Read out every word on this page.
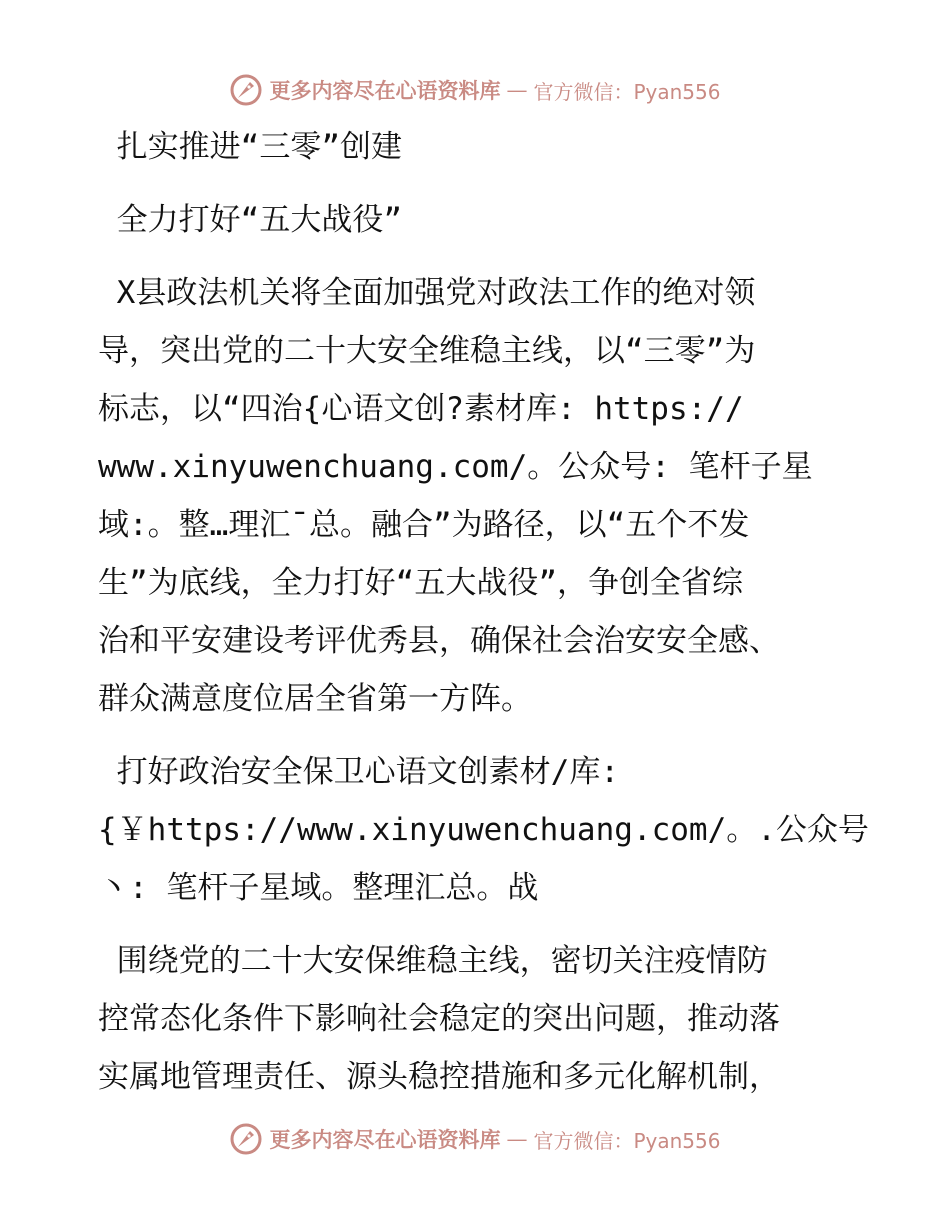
更多内容尽在心语资料库 — 官方微信：Pyan556
扎实推进“三零”创建
全力打好“五大战役”
X县政法机关将全面加强党对政法工作的绝对领
导，突出党的二十大安全维稳主线，以“三零”为
标志，以“四治{心语文创?素材库: https://
www.xinyuwenchuang.com/。公众号: 笔杆子星
域:。整…理汇¯总。融合”为路径，以“五个不发
生”为底线，全力打好“五大战役”，争创全省综
治和平安建设考评优秀县，确保社会治安安全感、
群众满意度位居全省第一方阵。
打好政治安全保卫心语文创素材/库:
{￥https://www.xinyuwenchuang.com/。.公众号
丶: 笔杆子星域。整理汇总。战
围绕党的二十大安保维稳主线，密切关注疫情防
控常态化条件下影响社会稳定的突出问题，推动落
实属地管理责任、源头稳控措施和多元化解机制，
更多内容尽在心语资料库 — 官方微信：Pyan556
